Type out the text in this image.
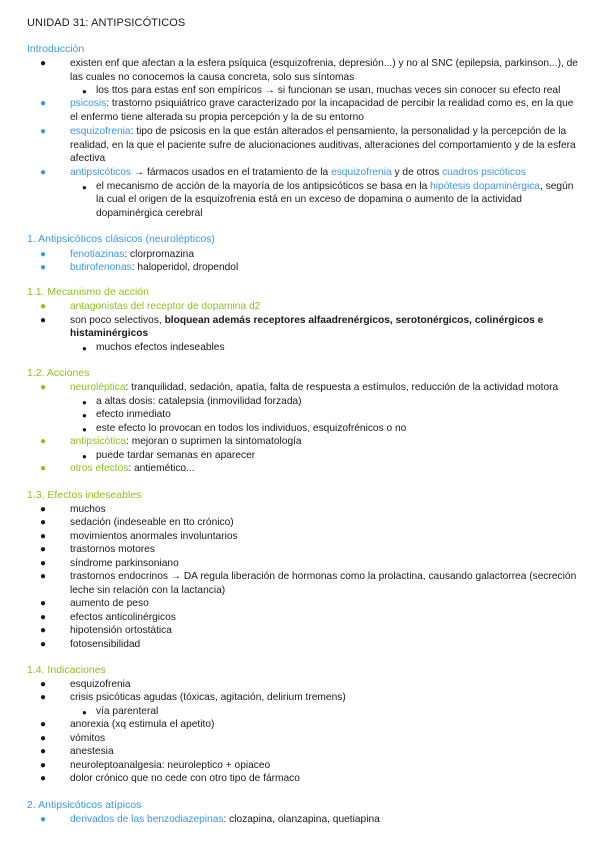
UNIDAD 31: ANTIPSICÓTICOS
Introducción
● existen enf que afectan a la esfera psíquica (esquizofrenia, depresión...) y no al SNC (epilepsia, parkinson...), de
las cuales no conocemos la causa concreta, solo sus síntomas
● los ttos para estas enf son empíricos → si funcionan se usan, muchas veces sin conocer su efecto real
● psicosis: trastorno psiquiátrico grave caracterizado por la incapacidad de percibir la realidad como es, en la que
el enfermo tiene alterada su propia percepción y la de su entorno
● esquizofrenia: tipo de psicosis en la que están alterados el pensamiento, la personalidad y la percepción de la
realidad, en la que el paciente sufre de alucionaciones auditivas, alteraciones del comportamiento y de la esfera
afectiva
● antipsicóticos → fármacos usados en el tratamiento de la esquizofrenia y de otros cuadros psicóticos
● el mecanismo de acción de la mayoría de los antipsicóticos se basa en la hipótesis dopaminérgica, según
la cual el origen de la esquizofrenia está en un exceso de dopamina o aumento de la actividad
dopaminérgica cerebral
1. Antipsicóticos clásicos (neurolépticos)
● fenotiazinas: clorpromazina
● butirofenonas: haloperidol, dropendol
1.1. Mecanismo de acción
● antagonistas del receptor de dopamina d2
● son poco selectivos, bloquean además receptores alfaadrenérgicos, serotonérgicos, colinérgicos e
histaminérgicos
● muchos efectos indeseables
1.2. Acciones
● neuroléptica: tranquilidad, sedación, apatía, falta de respuesta a estímulos, reducción de la actividad motora
● a altas dosis: catalepsia (inmovilidad forzada)
● efecto inmediato
● este efecto lo provocan en todos los individuos, esquizofrénicos o no
● antipsicótica: mejoran o suprimen la sintomatología
● puede tardar semanas en aparecer
● otros efectos: antiemético...
1.3. Efectos indeseables
● muchos
● sedación (indeseable en tto crónico)
● movimientos anormales involuntarios
● trastornos motores
● síndrome parkinsoniano
● trastornos endocrinos → DA regula liberación de hormonas como la prolactina, causando galactorrea (secreción
leche sin relación con la lactancia)
● aumento de peso
● efectos anticolinérgicos
● hipotensión ortostática
● fotosensibilidad
1.4. Indicaciones
● esquizofrenia
● crisis psicóticas agudas (tóxicas, agitación, delirium tremens)
● vía parenteral
● anorexia (xq estimula el apetito)
● vómitos
● anestesia
● neuroleptoanalgesia: neuroleptico + opiaceo
● dolor crónico que no cede con otro tipo de fármaco
2. Antipsicóticos atípicos
● derivados de las benzodiazepinas: clozapina, olanzapina, quetiapina
